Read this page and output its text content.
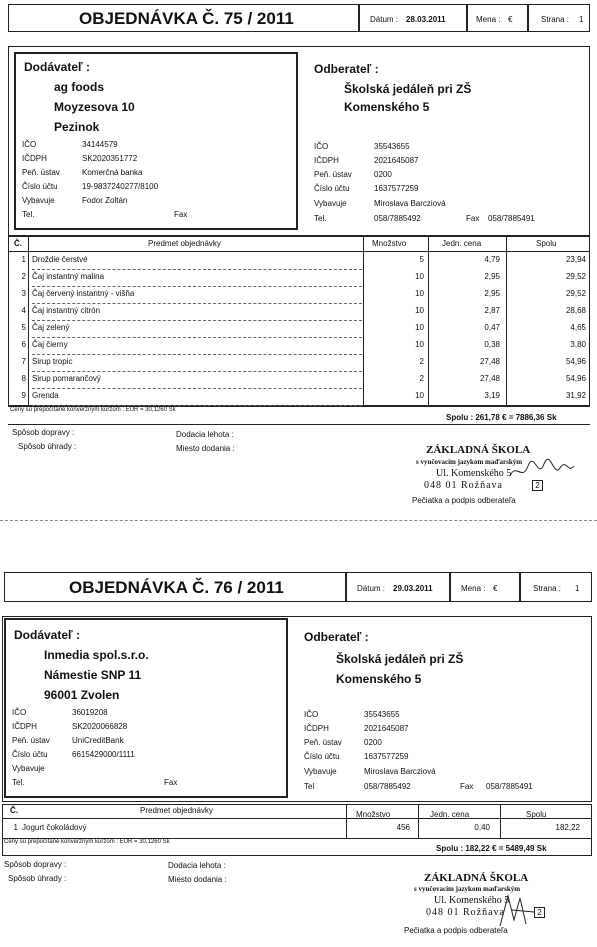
OBJEDNÁVKA Č. 75 / 2011	Dátum : 28.03.2011	Mena : €	Strana : 1
Dodávateľ :
ag foods
Moyzesova 10
Pezinok
IČO	34144579
IČDPH	SK2020351772
Peň. ústav	Komerčná banka
Číslo účtu	19-9837240277/8100
Vybavuje	Fodor Zoltán
Tel.	Fax
Odberateľ :
Školská jedáleň pri ZŠ
Komenského 5
IČO	35543655
IČDPH	2021645087
Peň. ústav	0200
Číslo účtu	1637577259
Vybavuje	Miroslava Barcziová
Tel.	058/7885492	Fax 058/7885491
Č.	Predmet objednávky	Množstvo	Jedn. cena	Spolu
1 Droždie čerstvé	5	4,79	23,94
2 Čaj instantný malina	10	2,95	29,52
3 Čaj červený instantný - višňa	10	2,95	29,52
4 Čaj instantný citrón	10	2,87	28,68
5 Čaj zelený	10	0,47	4,65
6 Čaj čierny	10	0,38	3,80
7 Sirup tropic	2	27,48	54,96
8 Sirup pomarančový	2	27,48	54,96
9 Grenda	10	3,19	31,92
Ceny sú prepočítané konverzným kurzom : EUR = 30,1260 Sk
Spolu : 261,78 € = 7886,36 Sk
Spôsob dopravy :
Spôsob úhrady :
Dodacia lehota :
Miesto dodania :	ZÁKLADNÁ ŠKOLA
s vyučovacím jazykom maďarským
Ul. Komenského 5
048 01 Rožňava	2
Pečiatka a podpis odberateľa
OBJEDNÁVKA Č. 76 / 2011	Dátum : 29.03.2011	Mena : €	Strana : 1
Dodávateľ :
Inmedia spol.s.r.o.
Námestie SNP 11
96001 Zvolen
IČO	36019208
IČDPH	SK2020066828
Peň. ústav	UniCreditBank
Číslo účtu	6615429000/1111
Vybavuje
Tel.	Fax
Odberateľ :
Školská jedáleň pri ZŠ
Komenského 5
IČO	35543655
IČDPH	2021645087
Peň. ústav	0200
Číslo účtu	1637577259
Vybavuje	Miroslava Barcziová
Tel	058/7885492	Fax 058/7885491
Č.	Predmet objednávky	Množstvo	Jedn. cena	Spolu
1 Jogurt čokoládový	456	0,40	182,22
Ceny sú prepočítané konverzným kurzom : EUR = 30,1260 Sk
Spolu : 182,22 € = 5489,49 Sk
Spôsob dopravy :
Spôsob úhrady :
Dodacia lehota :
Miesto dodania :	ZÁKLADNÁ ŠKOLA
s vyučovacím jazykom maďarským
Ul. Komenského 5
048 01 Rožňava	2
Pečiatka a podpis odberateľa
